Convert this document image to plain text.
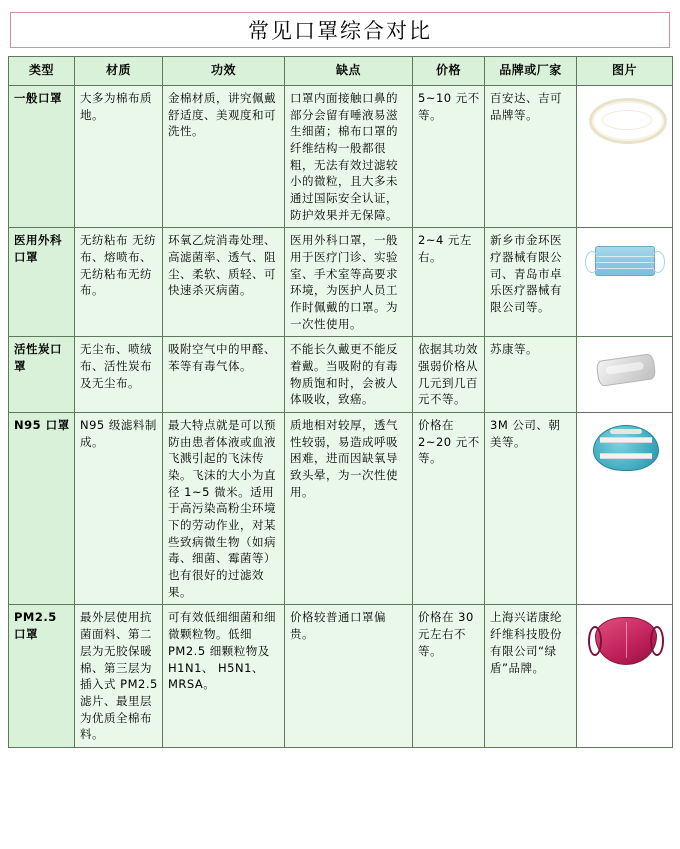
常见口罩综合对比
类型	材质	功效	缺点	价格	品牌或厂家	图片
一般口罩	大多为棉布质地。	金棉材质，讲究佩戴舒适度、美观度和可洗性。	口罩内面接触口鼻的部分会留有唾液易滋生细菌；棉布口罩的纤维结构一般都很粗，无法有效过滤较小的微粒，且大多未通过国际安全认证，防护效果并无保障。	5~10 元不等。	百安达、吉可品牌等。	

医用外科口罩	无纺粘布 无纺布、熔喷布、无纺粘布无纺布。	环氧乙烷消毒处理、高滤菌率、透气、阻尘、柔软、质轻、可快速杀灭病菌。	医用外科口罩，一般用于医疗门诊、实验室、手术室等高要求环境，为医护人员工作时佩戴的口罩。为一次性使用。	2~4 元左右。	新乡市金环医疗器械有限公司、青岛市卓乐医疗器械有限公司等。	

活性炭口罩	无尘布、喷绒布、活性炭布及无尘布。	吸附空气中的甲醛、苯等有毒气体。	不能长久戴更不能反着戴。当吸附的有毒物质饱和时，会被人体吸收，致癌。	依据其功效强弱价格从几元到几百元不等。	苏康等。	

N95 口罩	N95 级滤料制成。	最大特点就是可以预防由患者体液或血液飞溅引起的飞沫传染。飞沫的大小为直径 1~5 微米。适用于高污染高粉尘环境下的劳动作业，对某些致病微生物（如病毒、细菌、霉菌等）也有很好的过滤效果。	质地相对较厚，透气性较弱，易造成呼吸困难，进而因缺氧导致头晕，为一次性使用。	价格在 2~20 元不等。	3M 公司、朝美等。	

PM2.5 口罩	最外层使用抗菌面料、第二层为无胶保暖棉、第三层为插入式 PM2.5 滤片、最里层为优质全棉布料。	可有效低细细菌和细微颗粒物。低细PM2.5 细颗粒物及 H1N1、 H5N1、MRSA。	价格较普通口罩偏贵。	价格在 30 元左右不等。	上海兴诺康纶纤维科技股份有限公司“绿盾”品牌。	
